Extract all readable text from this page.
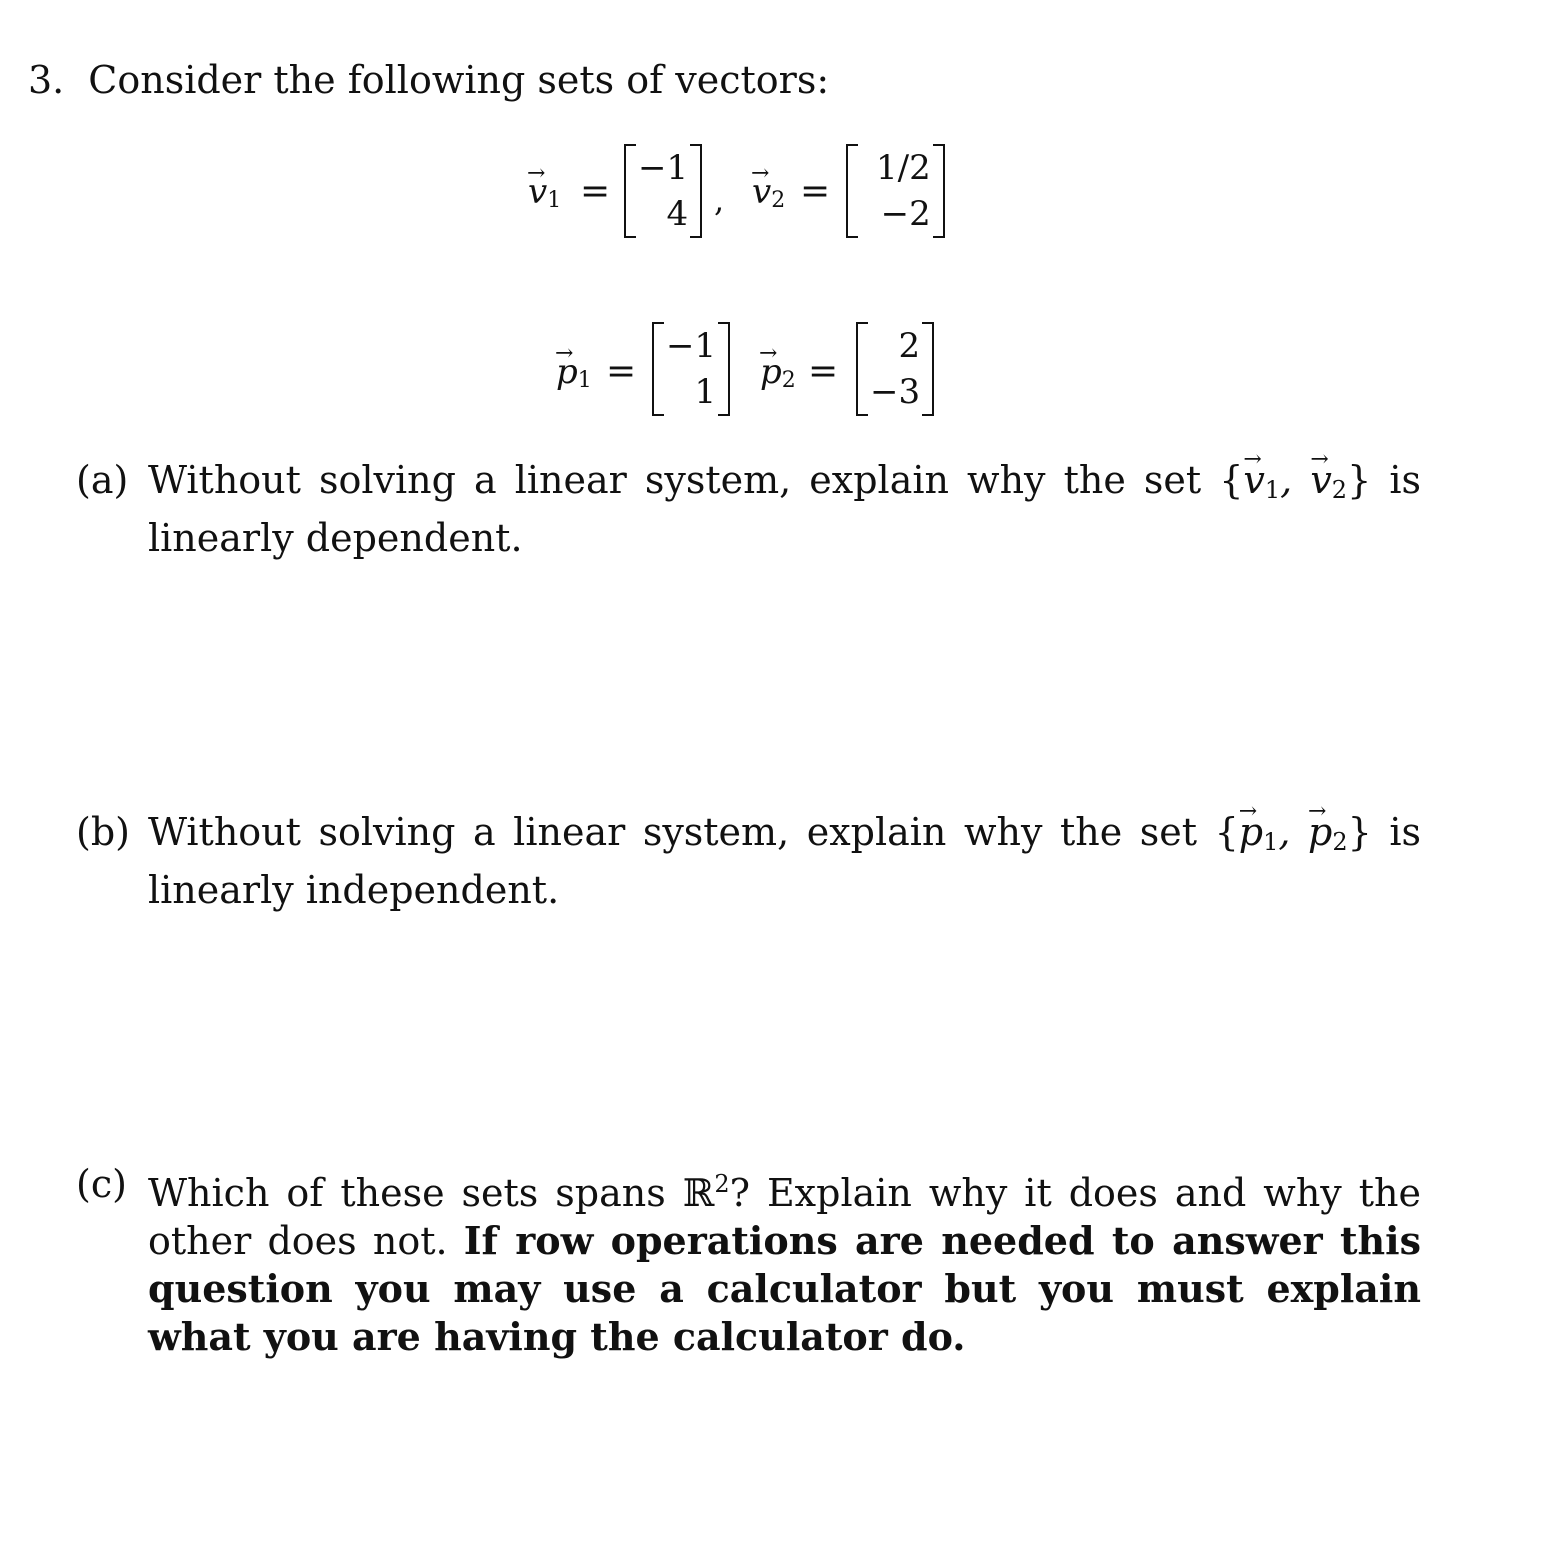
3. Consider the following sets of vectors:
→ $v_1$ =
−1
4 ,
→ $v_2$ =
1/2
−2
→ $p_1$ =
−1
1
→ $p_2$ =
2
−3
(a) Without solving a linear system, explain why the set {→ $v_1$, → $v_2$} is linearly dependent.
(b) Without solving a linear system, explain why the set {→ $p_1$, → $p_2$} is linearly independent.
(c) Which of these sets spans ℝ$^2$? Explain why it does and why the other does not. If row operations are needed to answer this question you may use a calculator but you must explain what you are having the calculator do.
